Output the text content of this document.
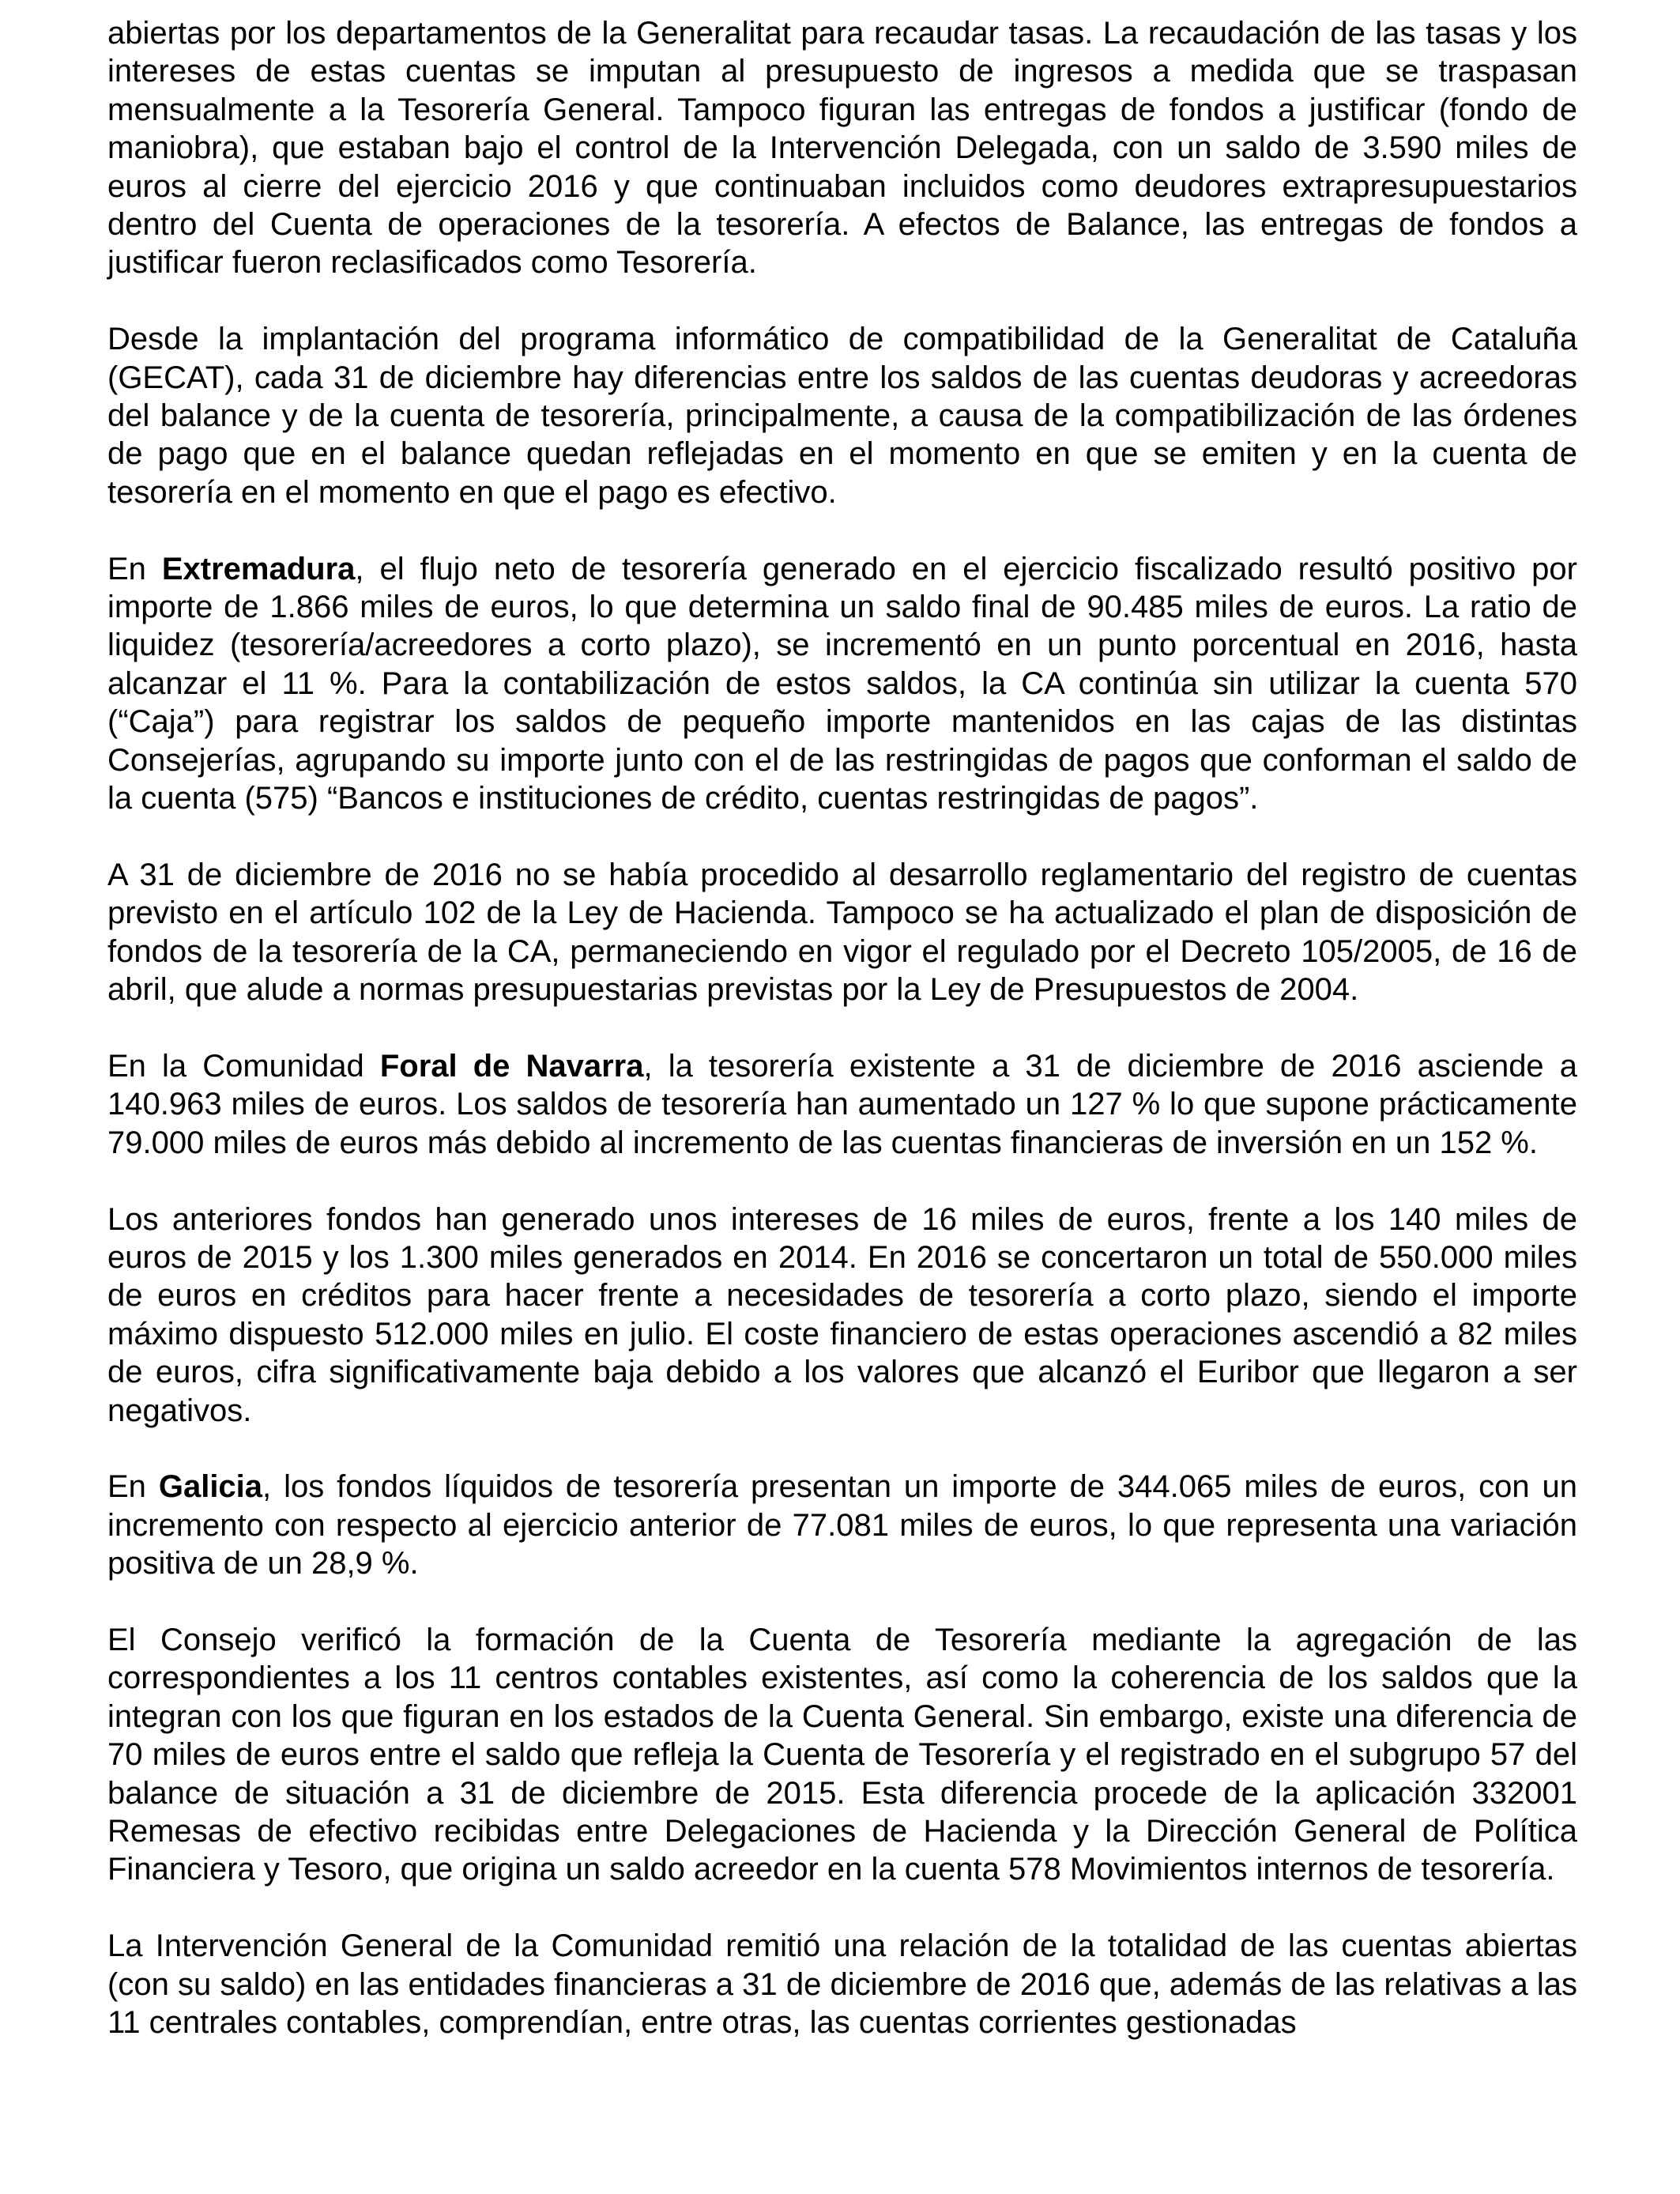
abiertas por los departamentos de la Generalitat para recaudar tasas. La recaudación de las tasas y los intereses de estas cuentas se imputan al presupuesto de ingresos a medida que se traspasan mensualmente a la Tesorería General. Tampoco figuran las entregas de fondos a justificar (fondo de maniobra), que estaban bajo el control de la Intervención Delegada, con un saldo de 3.590 miles de euros al cierre del ejercicio 2016 y que continuaban incluidos como deudores extrapresupuestarios dentro del Cuenta de operaciones de la tesorería. A efectos de Balance, las entregas de fondos a justificar fueron reclasificados como Tesorería.

Desde la implantación del programa informático de compatibilidad de la Generalitat de Cataluña (GECAT), cada 31 de diciembre hay diferencias entre los saldos de las cuentas deudoras y acreedoras del balance y de la cuenta de tesorería, principalmente, a causa de la compatibilización de las órdenes de pago que en el balance quedan reflejadas en el momento en que se emiten y en la cuenta de tesorería en el momento en que el pago es efectivo.

En Extremadura, el flujo neto de tesorería generado en el ejercicio fiscalizado resultó positivo por importe de 1.866 miles de euros, lo que determina un saldo final de 90.485 miles de euros. La ratio de liquidez (tesorería/acreedores a corto plazo), se incrementó en un punto porcentual en 2016, hasta alcanzar el 11 %. Para la contabilización de estos saldos, la CA continúa sin utilizar la cuenta 570 (“Caja”) para registrar los saldos de pequeño importe mantenidos en las cajas de las distintas Consejerías, agrupando su importe junto con el de las restringidas de pagos que conforman el saldo de la cuenta (575) “Bancos e instituciones de crédito, cuentas restringidas de pagos”.

A 31 de diciembre de 2016 no se había procedido al desarrollo reglamentario del registro de cuentas previsto en el artículo 102 de la Ley de Hacienda. Tampoco se ha actualizado el plan de disposición de fondos de la tesorería de la CA, permaneciendo en vigor el regulado por el Decreto 105/2005, de 16 de abril, que alude a normas presupuestarias previstas por la Ley de Presupuestos de 2004.

En la Comunidad Foral de Navarra, la tesorería existente a 31 de diciembre de 2016 asciende a 140.963 miles de euros. Los saldos de tesorería han aumentado un 127 % lo que supone prácticamente 79.000 miles de euros más debido al incremento de las cuentas financieras de inversión en un 152 %.

Los anteriores fondos han generado unos intereses de 16 miles de euros, frente a los 140 miles de euros de 2015 y los 1.300 miles generados en 2014. En 2016 se concertaron un total de 550.000 miles de euros en créditos para hacer frente a necesidades de tesorería a corto plazo, siendo el importe máximo dispuesto 512.000 miles en julio. El coste financiero de estas operaciones ascendió a 82 miles de euros, cifra significativamente baja debido a los valores que alcanzó el Euribor que llegaron a ser negativos.

En Galicia, los fondos líquidos de tesorería presentan un importe de 344.065 miles de euros, con un incremento con respecto al ejercicio anterior de 77.081 miles de euros, lo que representa una variación positiva de un 28,9 %.

El Consejo verificó la formación de la Cuenta de Tesorería mediante la agregación de las correspondientes a los 11 centros contables existentes, así como la coherencia de los saldos que la integran con los que figuran en los estados de la Cuenta General. Sin embargo, existe una diferencia de 70 miles de euros entre el saldo que refleja la Cuenta de Tesorería y el registrado en el subgrupo 57 del balance de situación a 31 de diciembre de 2015. Esta diferencia procede de la aplicación 332001 Remesas de efectivo recibidas entre Delegaciones de Hacienda y la Dirección General de Política Financiera y Tesoro, que origina un saldo acreedor en la cuenta 578 Movimientos internos de tesorería.

La Intervención General de la Comunidad remitió una relación de la totalidad de las cuentas abiertas (con su saldo) en las entidades financieras a 31 de diciembre de 2016 que, además de las relativas a las 11 centrales contables, comprendían, entre otras, las cuentas corrientes gestionadas
